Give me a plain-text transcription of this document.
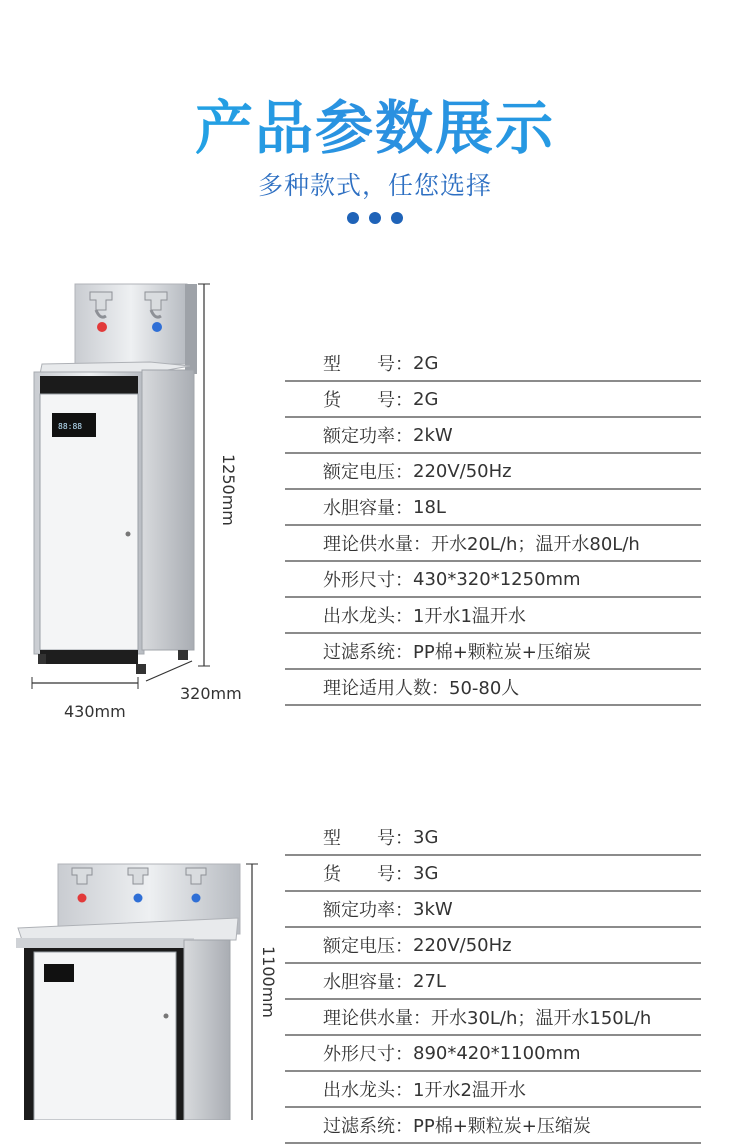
产品参数展示
多种款式，任您选择
88:88
1250mm
430mm
320mm
型　　号： 2G
货　　号： 2G
额定功率： 2kW
额定电压： 220V/50Hz
水胆容量： 18L
理论供水量： 开水20L/h；温开水80L/h
外形尺寸： 430*320*1250mm
出水龙头： 1开水1温开水
过滤系统： PP棉+颗粒炭+压缩炭
理论适用人数： 50-80人
1100mm
型　　号： 3G
货　　号： 3G
额定功率： 3kW
额定电压： 220V/50Hz
水胆容量： 27L
理论供水量： 开水30L/h；温开水150L/h
外形尺寸： 890*420*1100mm
出水龙头： 1开水2温开水
过滤系统： PP棉+颗粒炭+压缩炭
